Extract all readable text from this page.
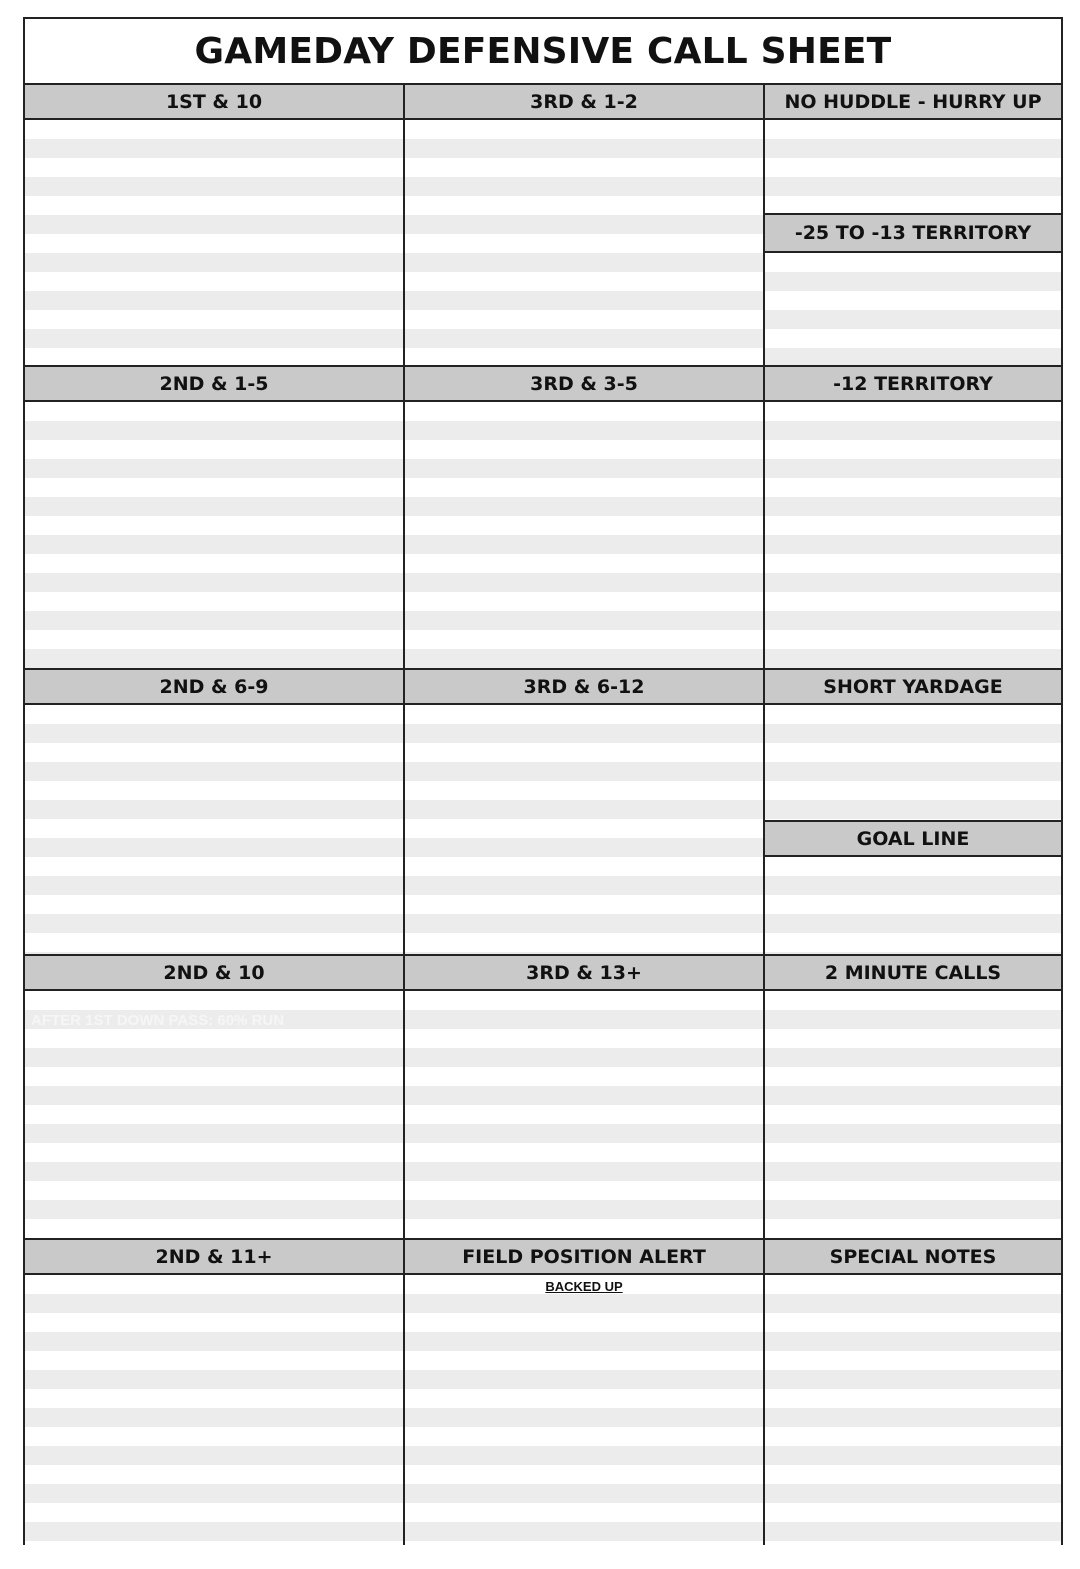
GAMEDAY DEFENSIVE CALL SHEET
1ST & 10
2ND & 1-5
2ND & 6-9
2ND & 10
AFTER 1ST DOWN PASS: 60% RUN
2ND & 11+
3RD & 1-2
3RD & 3-5
3RD & 6-12
3RD & 13+
FIELD POSITION ALERT
BACKED UP
NO HUDDLE - HURRY UP
-25 TO -13 TERRITORY
-12 TERRITORY
SHORT YARDAGE
GOAL LINE
2 MINUTE CALLS
SPECIAL NOTES
